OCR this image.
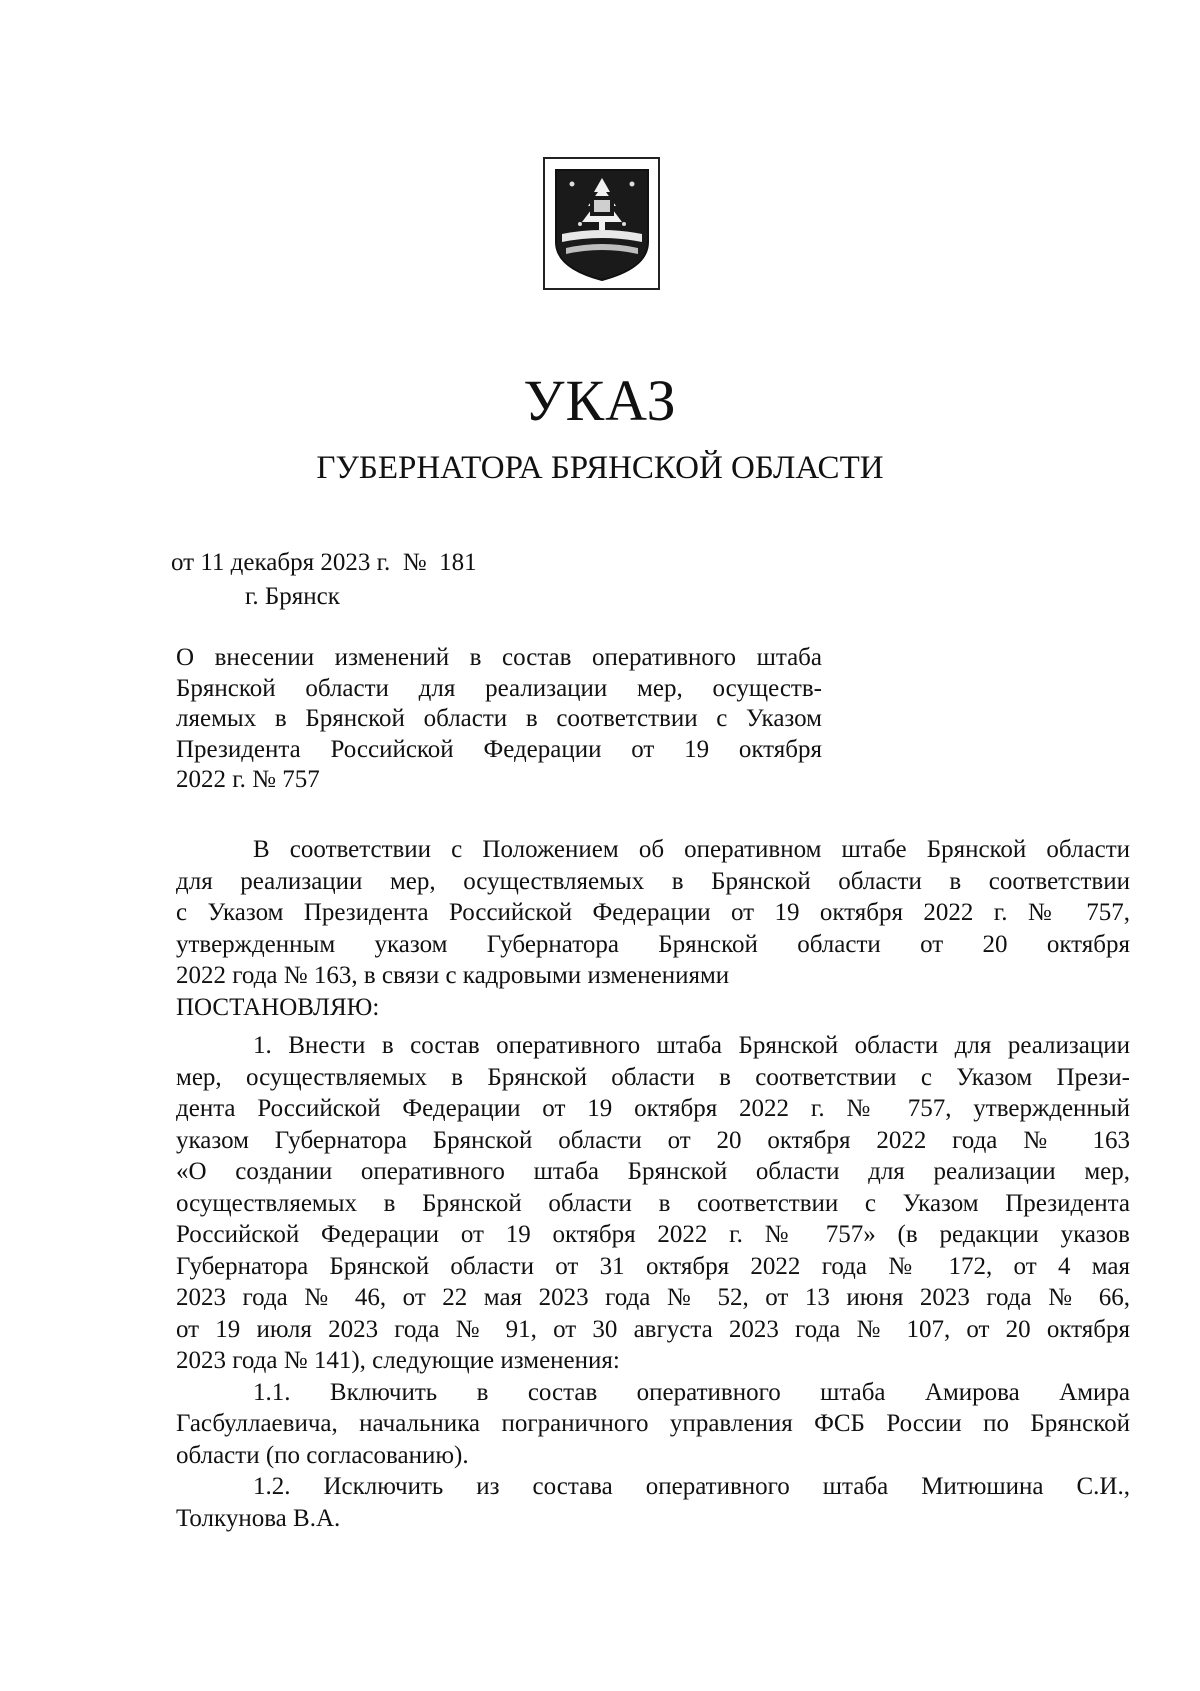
УКАЗ
ГУБЕРНАТОРА БРЯНСКОЙ ОБЛАСТИ
от 11 декабря 2023 г. № 181
г. Брянск
О внесении изменений в состав оперативного штаба
Брянской области для реализации мер, осуществ-
ляемых в Брянской области в соответствии с Указом
Президента Российской Федерации от 19 октября
2022 г. № 757
В соответствии с Положением об оперативном штабе Брянской области
для реализации мер, осуществляемых в Брянской области в соответствии
с Указом Президента Российской Федерации от 19 октября 2022 г. № 757,
утвержденным указом Губернатора Брянской области от 20 октября
2022 года № 163, в связи с кадровыми изменениями
ПОСТАНОВЛЯЮ:
1. Внести в состав оперативного штаба Брянской области для реализации
мер, осуществляемых в Брянской области в соответствии с Указом Прези-
дента Российской Федерации от 19 октября 2022 г. № 757, утвержденный
указом Губернатора Брянской области от 20 октября 2022 года № 163
«О создании оперативного штаба Брянской области для реализации мер,
осуществляемых в Брянской области в соответствии с Указом Президента
Российской Федерации от 19 октября 2022 г. № 757» (в редакции указов
Губернатора Брянской области от 31 октября 2022 года № 172, от 4 мая
2023 года № 46, от 22 мая 2023 года № 52, от 13 июня 2023 года № 66,
от 19 июля 2023 года № 91, от 30 августа 2023 года № 107, от 20 октября
2023 года № 141), следующие изменения:
1.1. Включить в состав оперативного штаба Амирова Амира
Гасбуллаевича, начальника пограничного управления ФСБ России по Брянской
области (по согласованию).
1.2. Исключить из состава оперативного штаба Митюшина С.И.,
Толкунова В.А.
